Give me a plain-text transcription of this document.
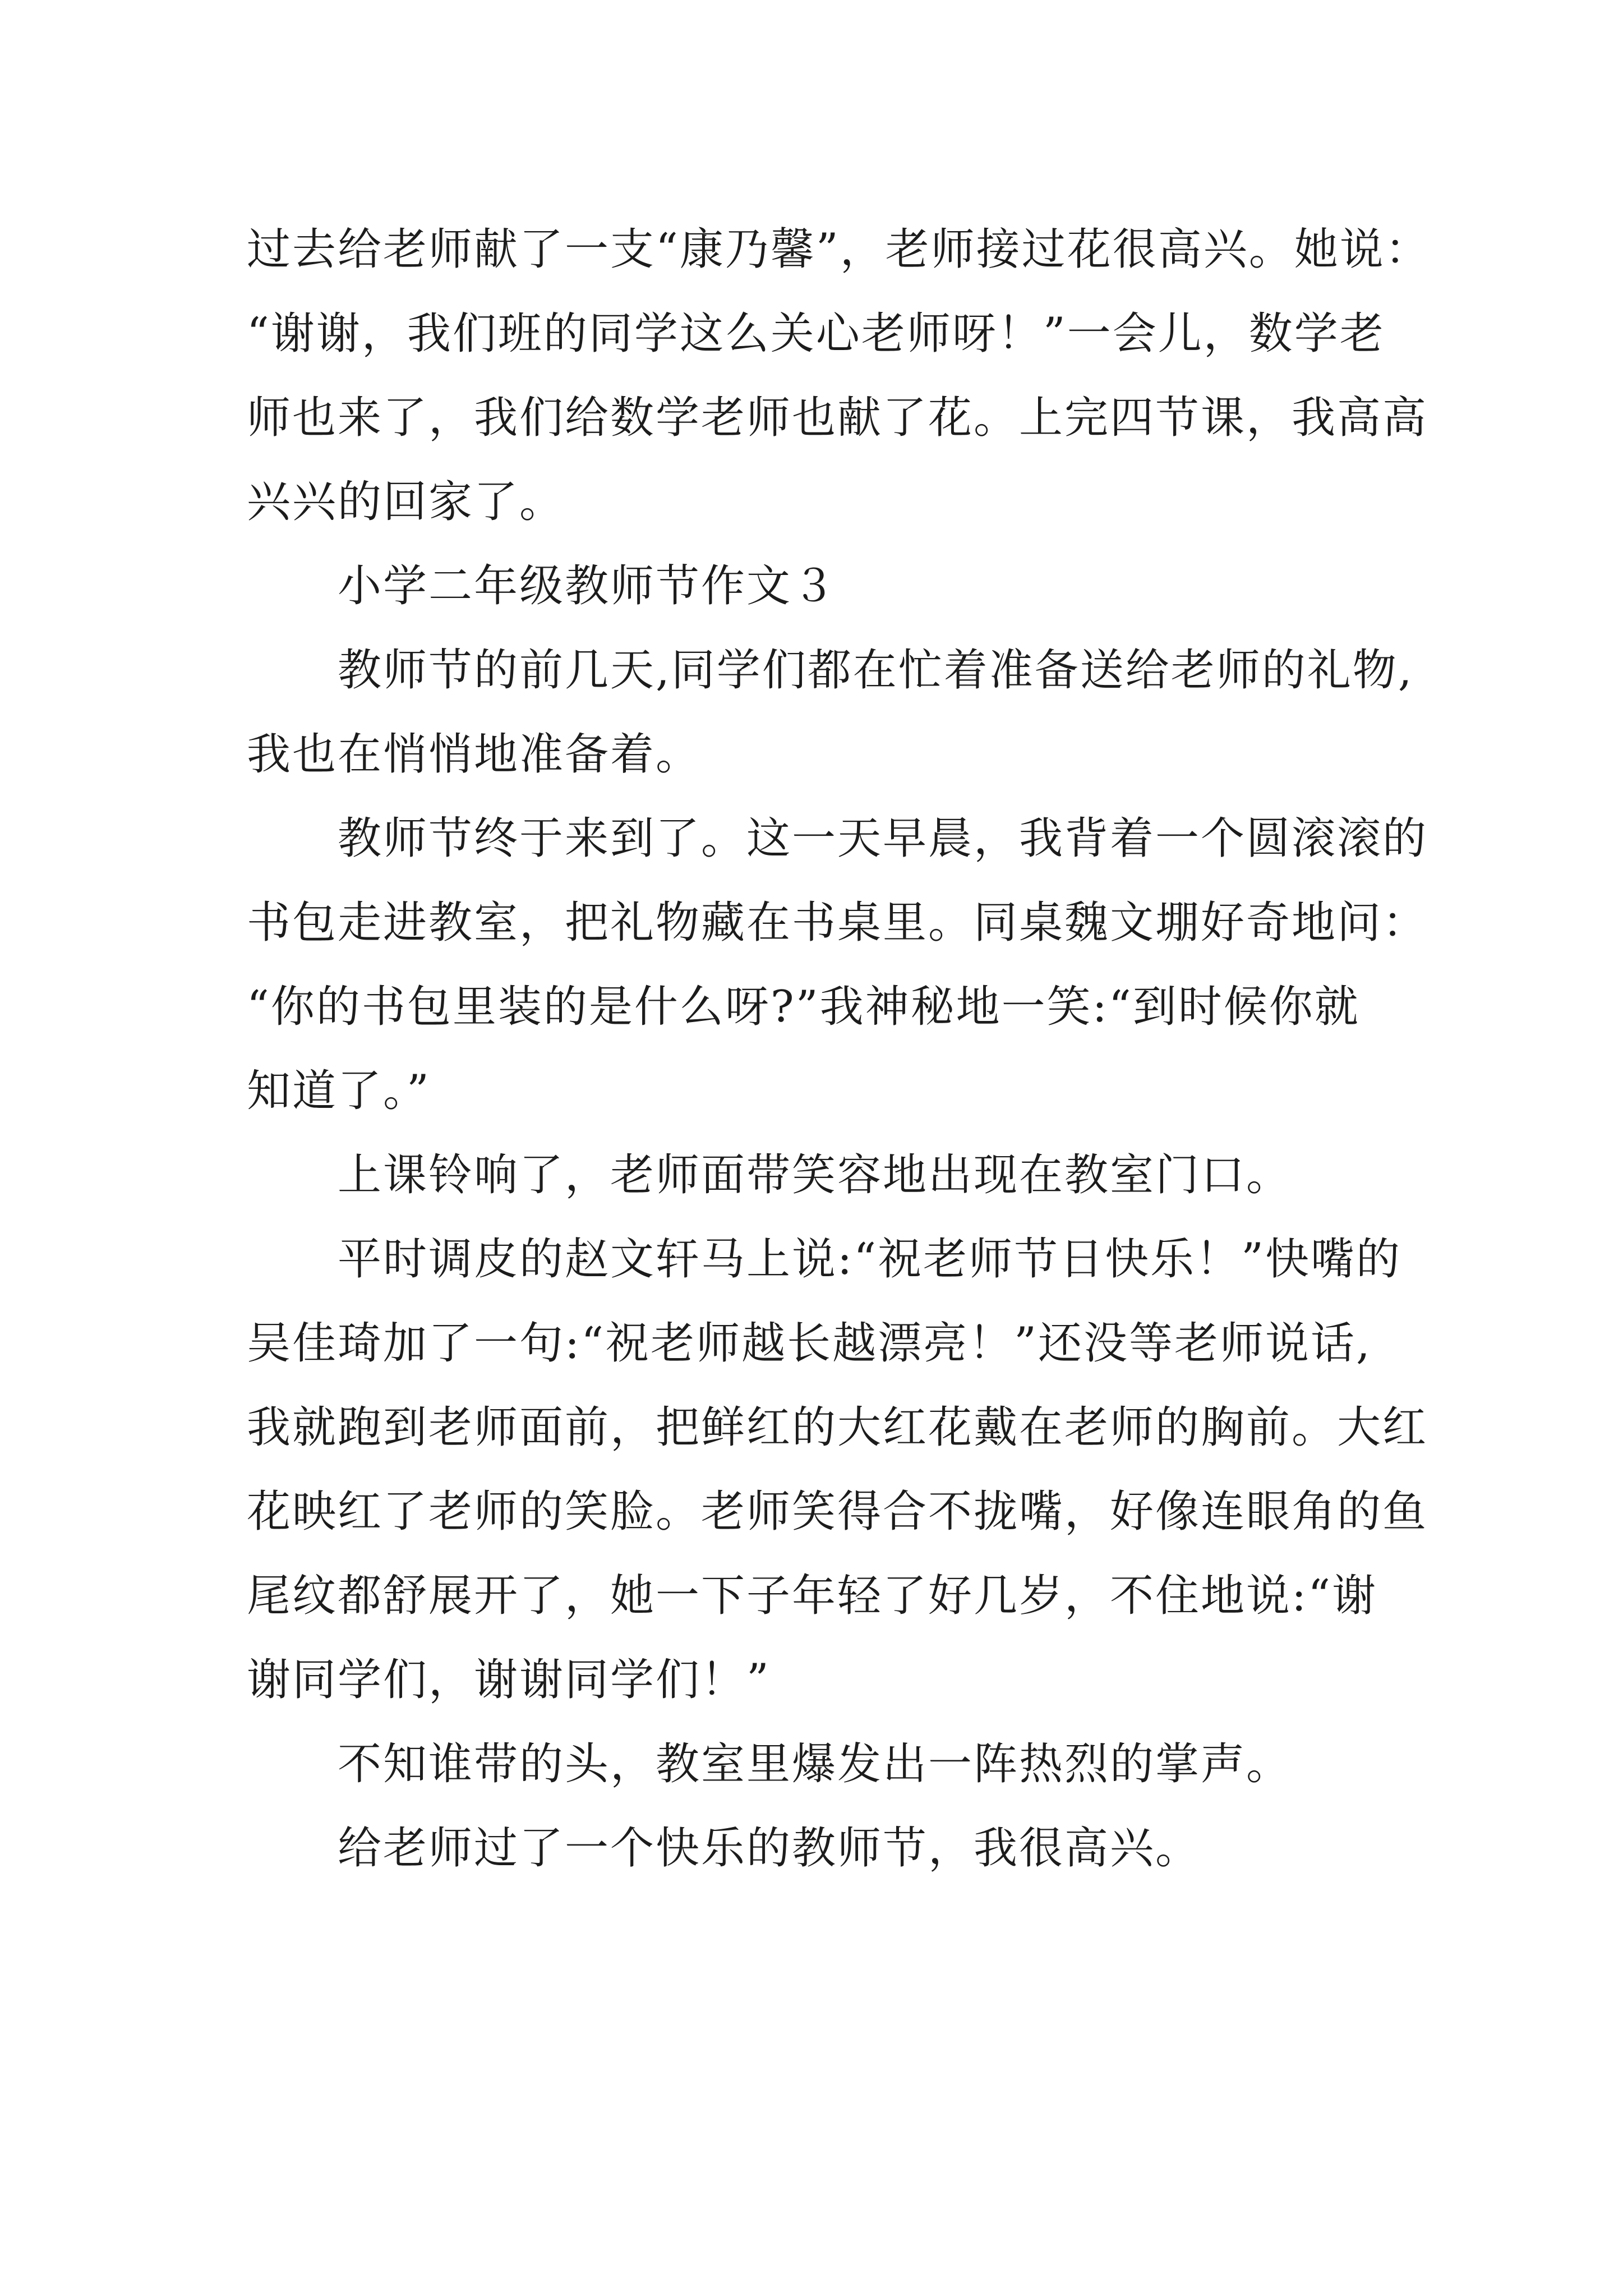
过去给老师献了一支“康乃馨”，老师接过花很高兴。她说：
“谢谢，我们班的同学这么关心老师呀！”一会儿，数学老
师也来了，我们给数学老师也献了花。上完四节课，我高高
兴兴的回家了。
　　小学二年级教师节作文３
　　教师节的前几天,同学们都在忙着准备送给老师的礼物,
我也在悄悄地准备着。
　　教师节终于来到了。这一天早晨，我背着一个圆滚滚的
书包走进教室，把礼物藏在书桌里。同桌魏文堋好奇地问：
“你的书包里装的是什么呀?”我神秘地一笑:“到时候你就
知道了。”
　　上课铃响了，老师面带笑容地出现在教室门口。
　　平时调皮的赵文轩马上说:“祝老师节日快乐！”快嘴的
吴佳琦加了一句:“祝老师越长越漂亮！”还没等老师说话,
我就跑到老师面前，把鲜红的大红花戴在老师的胸前。大红
花映红了老师的笑脸。老师笑得合不拢嘴，好像连眼角的鱼
尾纹都舒展开了，她一下子年轻了好几岁，不住地说:“谢
谢同学们，谢谢同学们！”
　　不知谁带的头，教室里爆发出一阵热烈的掌声。
　　给老师过了一个快乐的教师节，我很高兴。
